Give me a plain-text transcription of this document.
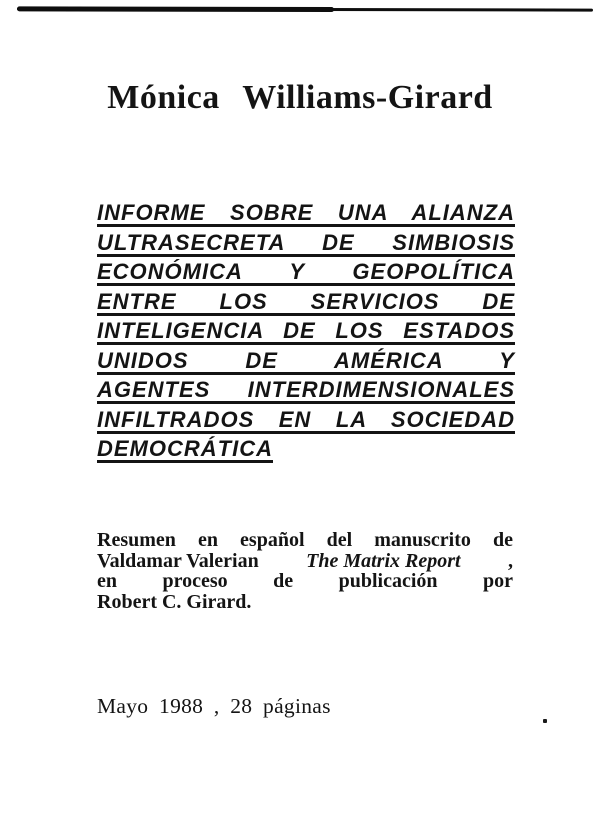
Mónica Williams-Girard
INFORME SOBRE UNA ALIANZA
ULTRASECRETA DE SIMBIOSIS
ECONÓMICA Y GEOPOLÍTICA
ENTRE LOS SERVICIOS DE
INTELIGENCIA DE LOS ESTADOS
UNIDOS DE AMÉRICA Y
AGENTES INTERDIMENSIONALES
INFILTRADOS EN LA SOCIEDAD
DEMOCRÁTICA
Resumen en español del manuscrito de
Valdamar Valerian The Matrix Report ,
en proceso de publicación por
Robert C. Girard.
Mayo 1988 , 28 páginas
